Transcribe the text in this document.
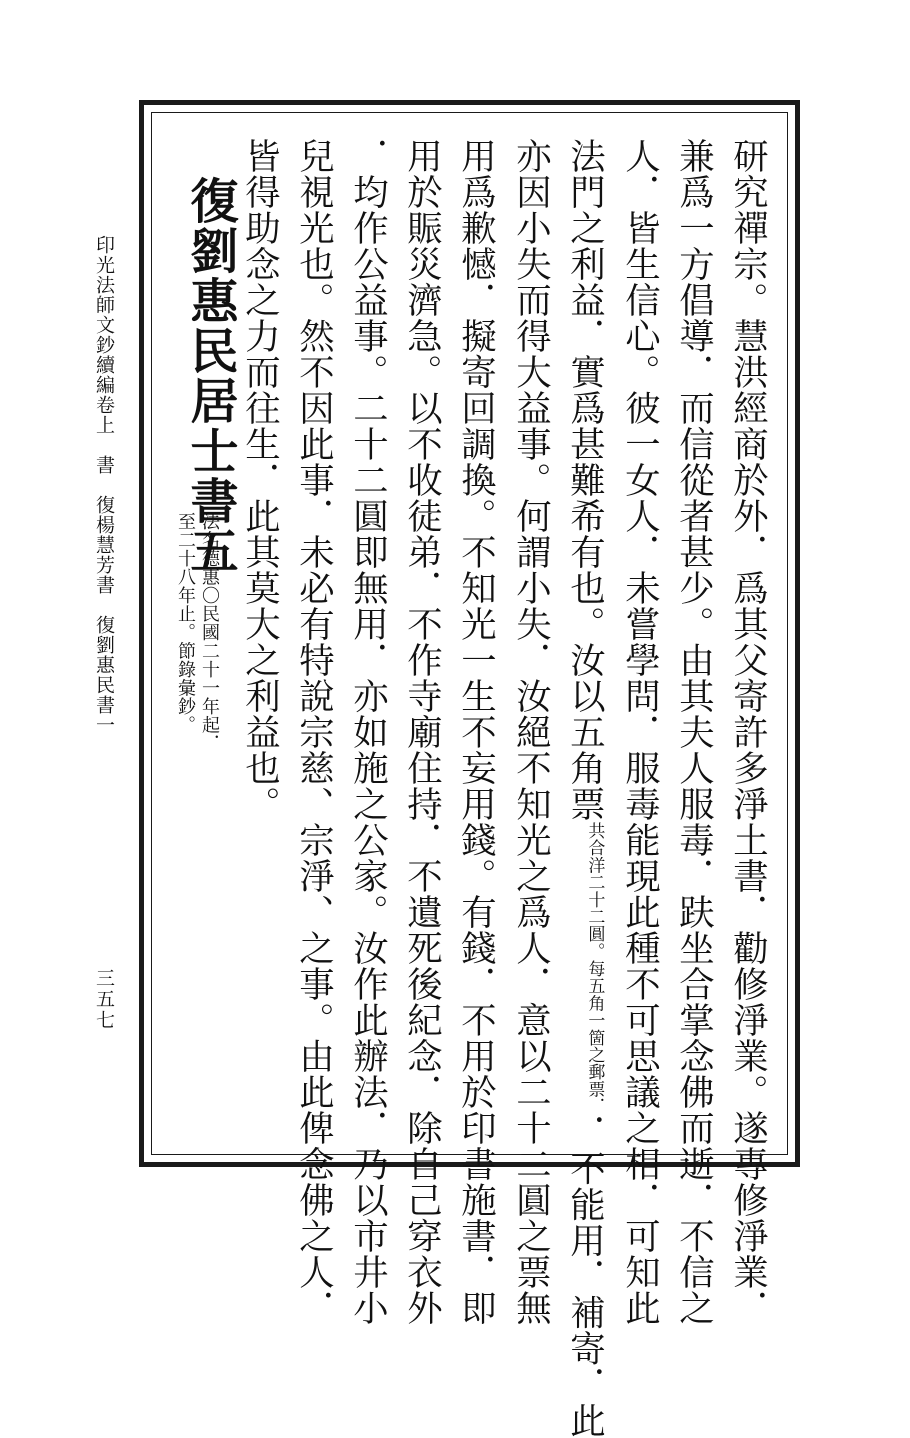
印光法師文鈔續編卷上　書　復楊慧芳書　復劉惠民書一
三五七	研究禪宗。慧洪經商於外．爲其父寄許多淨土書．勸修淨業。遂專修淨業．
兼爲一方倡導．而信從者甚少。由其夫人服毒．趺坐合掌念佛而逝．不信之
人．皆生信心。彼一女人．未嘗學問．服毒能現此種不可思議之相．可知此
法門之利益．實爲甚難希有也。汝以五角票
每五角一箇之郵票．
共合洋二十二圓。
．不能用．補寄．此
亦因小失而得大益事。何謂小失．汝絕不知光之爲人．意以二十二圓之票無
用爲歉憾．擬寄回調換。不知光一生不妄用錢。有錢．不用於印書施書．即
用於賑災濟急。以不收徒弟．不作寺廟住持．不遺死後紀念．除自己穿衣外
．均作公益事。二十二圓即無用．亦如施之公家。汝作此辦法．乃以市井小
兒視光也。然不因此事．未必有特說宗慈、宗淨、之事。由此俾念佛之人．
皆得助念之力而往生．此其莫大之利益也。
復劉惠民居士書五
法名德惠〇民國二十一年起．
至二十八年止。節錄彙鈔。
